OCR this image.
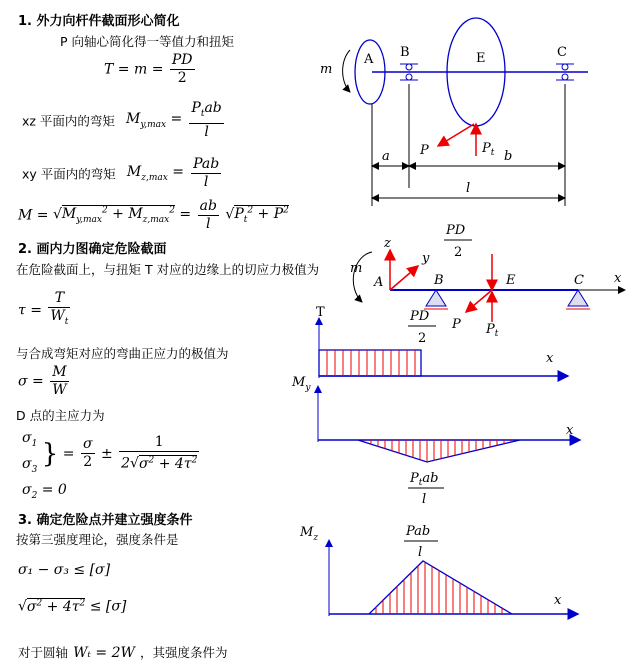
1. 外力向杆件截面形心简化
P 向轴心简化得一等值力和扭矩
$T = m = \frac{PD}{2}$
xz 平面内的弯矩 $M_{y,max} = \frac{P_tab}{l}$
xy 平面内的弯矩 $M_{z,max} = \frac{\text{Pab}}{l}$
$M = √M_{y,max}^2 + M_{z,max}^2 = \frac{ab}{l} √P_t^2 + P^2$
2. 画内力图确定危险截面
在危险截面上，与扭矩 T 对应的边缘上的切应力极值为
$\tau = \frac{T}{W_t}$
与合成弯矩对应的弯曲正应力的极值为
$\sigma = \frac{M}{W}$
D 点的主应力为
$\sigma_1$
$\sigma_3$ } = $\frac{\sigma}{2} \pm \frac{1}{2√\sigma^2 + 4\tau^2}$
$\sigma_2 = 0$
3. 确定危险点并建立强度条件
按第三强度理论，强度条件是
σ₁ − σ₃ ≤ [σ]
$√\sigma^2 + 4\tau^2 \le [\sigma]$
对于圆轴 Wₜ = 2W ，其强度条件为
A B	E	C
m
P	$P_t$
a	b
l
z
y
m
A	B	E	C x
P $P_t$
PD
2
PD
2
T
x
$M_y$
x
$P_tab$
l
$M_z$
x
Pab
l
